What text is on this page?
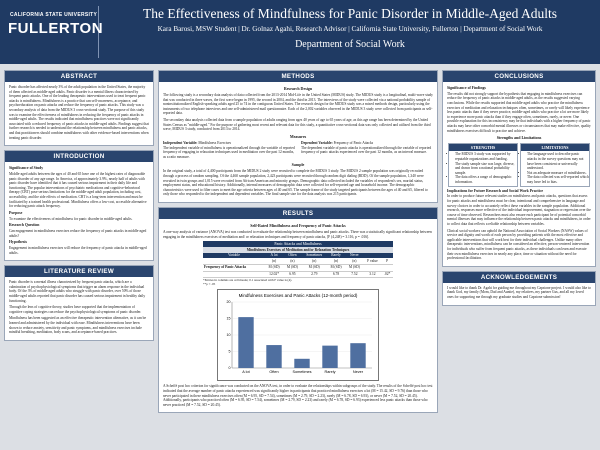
CALIFORNIA STATE UNIVERSITY
FULLERTON
The Effectiveness of Mindfulness for Panic Disorder in Middle-Aged Adults
Kara Barosi, MSW Student | Dr. Golnaz Agahi, Research Advisor | California State University, Fullerton | Department of Social Work
Department of Social Work
ABSTRACT

Panic disorder has affected nearly 3% of the adult population in the United States, the majority of them affected as middle-aged adults. Panic disorder is a mental illness characterized by frequent panic attacks. One of the leading therapeutic interventions used to treat frequent panic attacks is mindfulness. Mindfulness is a practice that can self-awareness, acceptance, and psychoeducation on panic attacks and reduce the frequency of panic attacks. This study was a secondary analysis of data from the MIDUS 3 cross-sectional study. The purpose of this study was to examine the effectiveness of mindfulness in reducing the frequency of panic attacks in middle-aged adults. The results indicated that mindfulness practices were not significantly associated with a reduced frequency of panic attacks in middle-aged adults. Findings suggest that further research is needed to understand the relationship between mindfulness and panic attacks, and that practitioners should combine mindfulness with other evidence-based interventions when treating panic disorder.

INTRODUCTION
Significance of Study

Middle-aged adults between the ages of 40 and 65 have one of the highest rates of diagnosable panic disorder of any age range. In America, of approximately 3.9%, nearly half of adults with panic disorder have identified that it has caused serious impairment in their daily life and functioning. The popular interventions of psychiatric medications and cognitive-behavioral therapy (CBT) pose serious limitations for the middle-aged adult population, including cost, accessibility, and the side effects of medication. CBT is a long-term intervention and must be facilitated by a trained health professional. Mindfulness offers a low-cost, accessible alternative for reducing panic attack frequency.

Purpose

To examine the effectiveness of mindfulness for panic disorder in middle-aged adults.

Research Question

Can engagement in mindfulness exercises reduce the frequency of panic attacks in middle-aged adults?

Hypothesis

Engagement in mindfulness exercises will reduce the frequency of panic attacks in middle-aged adults.

LITERATURE REVIEW

Panic disorder is a mental illness characterized by frequent panic attacks, which are a culmination of psychophysiological symptoms that trigger an alarm response in the individual body. Of the 3% of middle-aged adults who struggle with panic disorder, over 50% of those middle-aged adults reported that panic disorder has caused serious impairment in healthy daily functioning.

Through the lens of cognitive theory, studies have supported that the implementation of cognitive coping strategies can reduce the psychophysiological symptoms of panic disorder.

Mindfulness has been suggested as an effective therapeutic intervention alternative, as it can be learned and administered by the individual with ease. Mindfulness interventions have been shown to reduce anxiety, sensitivity and panic symptoms, and mindfulness exercises include mindful breathing, meditation, body scans, and acceptance-based practices.

METHODS
Research Design

The following study is a secondary data analysis of data collected from the 2013-2014 Mid-Life in the United States (MIDUS) study. The MIDUS study is a longitudinal, multi-wave study that was conducted in three waves, the first wave began in 1995, the second in 2004, and the third in 2013. The interviews of the study were collected via a national probability sample of noninstitutionalized English-speaking adults aged 25 to 74 in the contiguous United States. The research design for the MIDUS study was a mixed methods design, particularly using the instruments of two telephone interviews and one self-administered mail questionnaire. Each of the 2,002 variables observed in the MIDUS 3 study were collected from participants as self-reported data.

The secondary data analysis collected data from a sample population of adults ranging from ages 40 years of age to 65 years of age, as this age range has been determined by the United States Census as "middle-aged." For the purpose of gathering most recent and relevant data for this study, a quantitative cross-sectional data was only collected and utilized from the third wave, MIDUS 3 study, conducted from 2013 to 2014.

Measures
Independent Variable: Mindfulness Exercises

The independent variable of mindfulness is operationalized through the variable of reported frequency of engaging in relaxation techniques used in meditation over the past 12 months, as a ratio measure.

Dependent Variable: Frequency of Panic Attacks

The dependent variable of panic attacks is operationalized through the variable of reported frequency of panic attacks experienced over the past 12 months, as an interval measure.

Sample

In the original study, a total of 4,400 participants from the MIDUS 2 study were recruited to complete the MIDUS 3 study. The MIDUS 2 sample population was originally recruited through a process of random sampling. Of the 4,460 sample population, 2,423 participants were recruited through random digit dialing (RDD). Of the sample population, 1,340 were recruited in twin groups and 1,015 were recruited from African American and minority groups. Demographic data collected included the variables of respondent's sex, marital status, employment status, and educational history. Additionally, internal measures of demographic data were collected for self-reported age and household income. The demographic characteristics were used to filter cases to meet the age criteria between ages of 40 and 65. The sample frame of the study targeted participants between the ages of 40 and 65, filtered to only those who responded to the independent and dependent variables. The final sample size for the data analysis was 215 participants.

RESULTS
Self-Rated Mindfulness and Frequency of Panic Attacks

A one-way analysis of variance (ANOVA) test was conducted to evaluate the relationship between mindfulness and panic attacks. There was a statistically significant relationship between engaging in the mindfulness exercises of meditation and/ or relaxation techniques and frequency of panic attacks, [F (4,248) = 3.116, p = .016].

Panic Attacks and Mindfulness
Mindfulness Exercises of Meditation and/or Relaxation Techniques
Variable	A lot	Often	Sometimes	Rarely	Never		
	(n)	(n)	(n)	(n)	(n)	F value	P
Frequency of Panic Attacks	M (SD)	M (SD)	M (SD)	M (SD)	M (SD)		
	12.02*	6.95	2.79	6.78	7.52	3.12	.02*
*Entries in columns are cell means; 0.1 associated with F value is (4).
**p < .05
Mindfulness Exercises and Panic Attacks (12-month period)
0
5
10
15
20
A lot	Often	Sometimes	Rarely	Never

A Scheffé post hoc criterion for significance was conducted on the ANOVA test, in order to evaluate the relationships within subgroups of the study. The results of the Scheffé post hoc test indicated that the average number of panic attacks experienced was significantly higher in participants that practiced mindfulness exercises a lot (M = 15.42, SD = 9.76) than those who never participated in these mindfulness exercises often (M = 6.95, SD = 7.54), sometimes (M = 2.79, SD = 2.23), rarely (M = 6.78, SD = 6.93), or never (M = 7.52, SD = 20.45). Additionally, participants who practiced often (M = 6.95, SD = 7.54), sometimes (M = 2.79, SD = 2.23) and rarely (M = 6.78, SD = 6.93) experienced less panic attacks than those who never practiced (M = 7.52, SD = 20.45).

CONCLUSIONS
Significance of Findings

The results did not strongly support the hypothesis that engaging in mindfulness exercises can reduce the frequency of panic attacks in middle-aged adults, as the results suggested varying conclusions. While the results supported that middle-aged adults who practice the mindfulness exercises of meditation and relaxation techniques often, sometimes, or rarely will likely experience less panic attacks than if they never practice, middle-aged adults who practice a lot are more likely to experience more panic attacks than if they engage often, sometimes, rarely, or never. One possible explanation for this inconsistency may be that individuals with a higher frequency of panic attacks may have other comorbid mental illnesses or circumstances that may make effective, quality mindfulness exercises difficult to practice and achieve.

Strengths and Limitations
STRENGTHS
• The MIDUS 3 study was supported by reputable organizations and funding.
• The study sample size was large, diverse, and drawn from a national probability sample.
• The data offers a range of demographic information.
LIMITATIONS
• The language used to describe panic attacks in the survey questions may not have been consistent or universally understood.
• Not an adequate measure of mindfulness.
• The data collected was self-reported which may have led to bias.
Implications for Future Research and Social Work Practice

In order to produce future relevant studies on mindfulness and panic attacks, questions that assess for panic attacks and mindfulness must be clear, intentional and comprehensive in language and survey choices in order to accurately reflect these variables in the sample population. Additional research, responses more reflective of the individual improvement, stagnation or regression over the course of time observed. Researchers must also ensure each participant be of potential comorbid mental illnesses that may influence the relationship between panic attacks and mindfulness, in order to collect data that reflects a reliable relationship between variables.

Clinical social workers can uphold the National Association of Social Workers (NASW) values of service and dignity and worth of each person by providing patients with the most effective and applicable interventions that will work best for their individual challenges. Unlike many other therapeutic interventions, mindfulness can be considered an effective, person-centered intervention for individuals who suffer from frequent panic attacks, as these individuals can learn and execute their own mindfulness exercises in nearly any place, time or situation without the need for professional facilitation.

ACKNOWLEDGEMENTS

I would like to thank Dr. Agahi for guiding me throughout my Capstone project. I would also like to thank God, my family (Mom, Dad and Auntie), my relatives, my partner Gus, and all my loved ones for supporting me through my graduate studies and Capstone submission!
